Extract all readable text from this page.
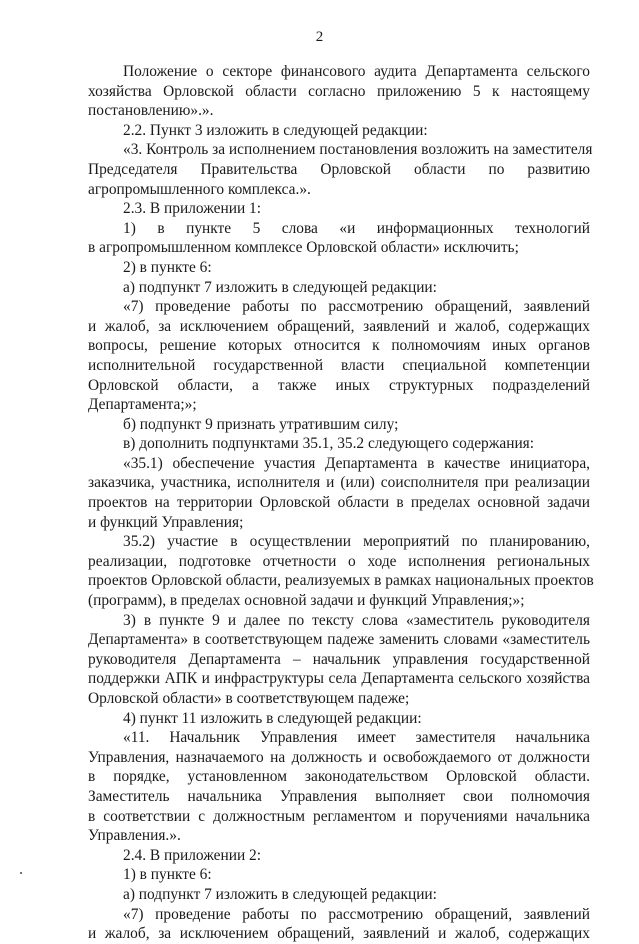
2
Положение о секторе финансового аудита Департамента сельского
хозяйства Орловской области согласно приложению 5 к настоящему
постановлению».».
2.2. Пункт 3 изложить в следующей редакции:
«3. Контроль за исполнением постановления возложить на заместителя
Председателя Правительства Орловской области по развитию
агропромышленного комплекса.».
2.3. В приложении 1:
1) в пункте 5 слова «и информационных технологий
в агропромышленном комплексе Орловской области» исключить;
2) в пункте 6:
а) подпункт 7 изложить в следующей редакции:
«7) проведение работы по рассмотрению обращений, заявлений
и жалоб, за исключением обращений, заявлений и жалоб, содержащих
вопросы, решение которых относится к полномочиям иных органов
исполнительной государственной власти специальной компетенции
Орловской области, а также иных структурных подразделений
Департамента;»;
б) подпункт 9 признать утратившим силу;
в) дополнить подпунктами 35.1, 35.2 следующего содержания:
«35.1) обеспечение участия Департамента в качестве инициатора,
заказчика, участника, исполнителя и (или) соисполнителя при реализации
проектов на территории Орловской области в пределах основной задачи
и функций Управления;
35.2) участие в осуществлении мероприятий по планированию,
реализации, подготовке отчетности о ходе исполнения региональных
проектов Орловской области, реализуемых в рамках национальных проектов
(программ), в пределах основной задачи и функций Управления;»;
3) в пункте 9 и далее по тексту слова «заместитель руководителя
Департамента» в соответствующем падеже заменить словами «заместитель
руководителя Департамента – начальник управления государственной
поддержки АПК и инфраструктуры села Департамента сельского хозяйства
Орловской области» в соответствующем падеже;
4) пункт 11 изложить в следующей редакции:
«11. Начальник Управления имеет заместителя начальника
Управления, назначаемого на должность и освобождаемого от должности
в порядке, установленном законодательством Орловской области.
Заместитель начальника Управления выполняет свои полномочия
в соответствии с должностным регламентом и поручениями начальника
Управления.».
2.4. В приложении 2:
1) в пункте 6:
а) подпункт 7 изложить в следующей редакции:
«7) проведение работы по рассмотрению обращений, заявлений
и жалоб, за исключением обращений, заявлений и жалоб, содержащих
